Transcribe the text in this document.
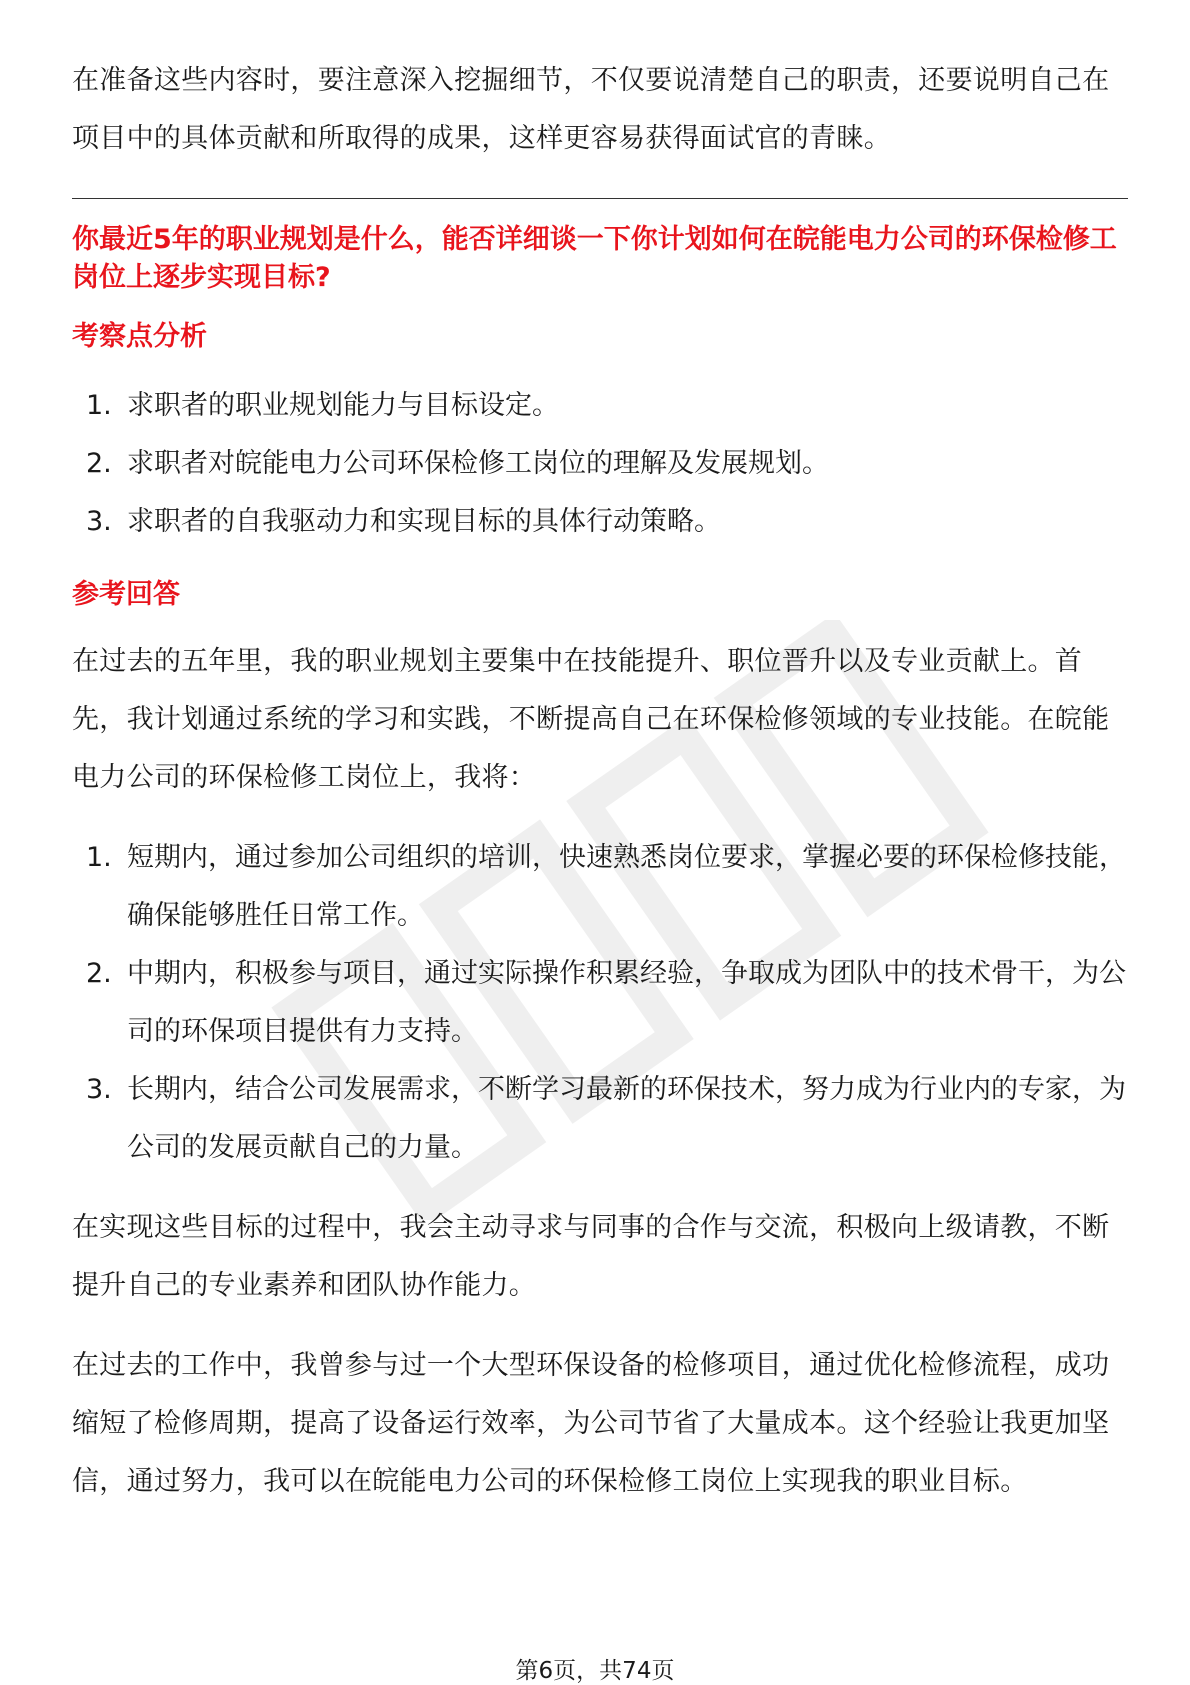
在准备这些内容时，要注意深入挖掘细节，不仅要说清楚自己的职责，还要说明自己在项目中的具体贡献和所取得的成果，这样更容易获得面试官的青睐。

你最近5年的职业规划是什么，能否详细谈一下你计划如何在皖能电力公司的环保检修工岗位上逐步实现目标?

考察点分析

1. 求职者的职业规划能力与目标设定。
2. 求职者对皖能电力公司环保检修工岗位的理解及发展规划。
3. 求职者的自我驱动力和实现目标的具体行动策略。

参考回答

在过去的五年里，我的职业规划主要集中在技能提升、职位晋升以及专业贡献上。首先，我计划通过系统的学习和实践，不断提高自己在环保检修领域的专业技能。在皖能电力公司的环保检修工岗位上，我将：

1. 短期内，通过参加公司组织的培训，快速熟悉岗位要求，掌握必要的环保检修技能，确保能够胜任日常工作。
2. 中期内，积极参与项目，通过实际操作积累经验，争取成为团队中的技术骨干，为公司的环保项目提供有力支持。
3. 长期内，结合公司发展需求，不断学习最新的环保技术，努力成为行业内的专家，为公司的发展贡献自己的力量。

在实现这些目标的过程中，我会主动寻求与同事的合作与交流，积极向上级请教，不断提升自己的专业素养和团队协作能力。

在过去的工作中，我曾参与过一个大型环保设备的检修项目，通过优化检修流程，成功缩短了检修周期，提高了设备运行效率，为公司节省了大量成本。这个经验让我更加坚信，通过努力，我可以在皖能电力公司的环保检修工岗位上实现我的职业目标。

第6页，共74页
